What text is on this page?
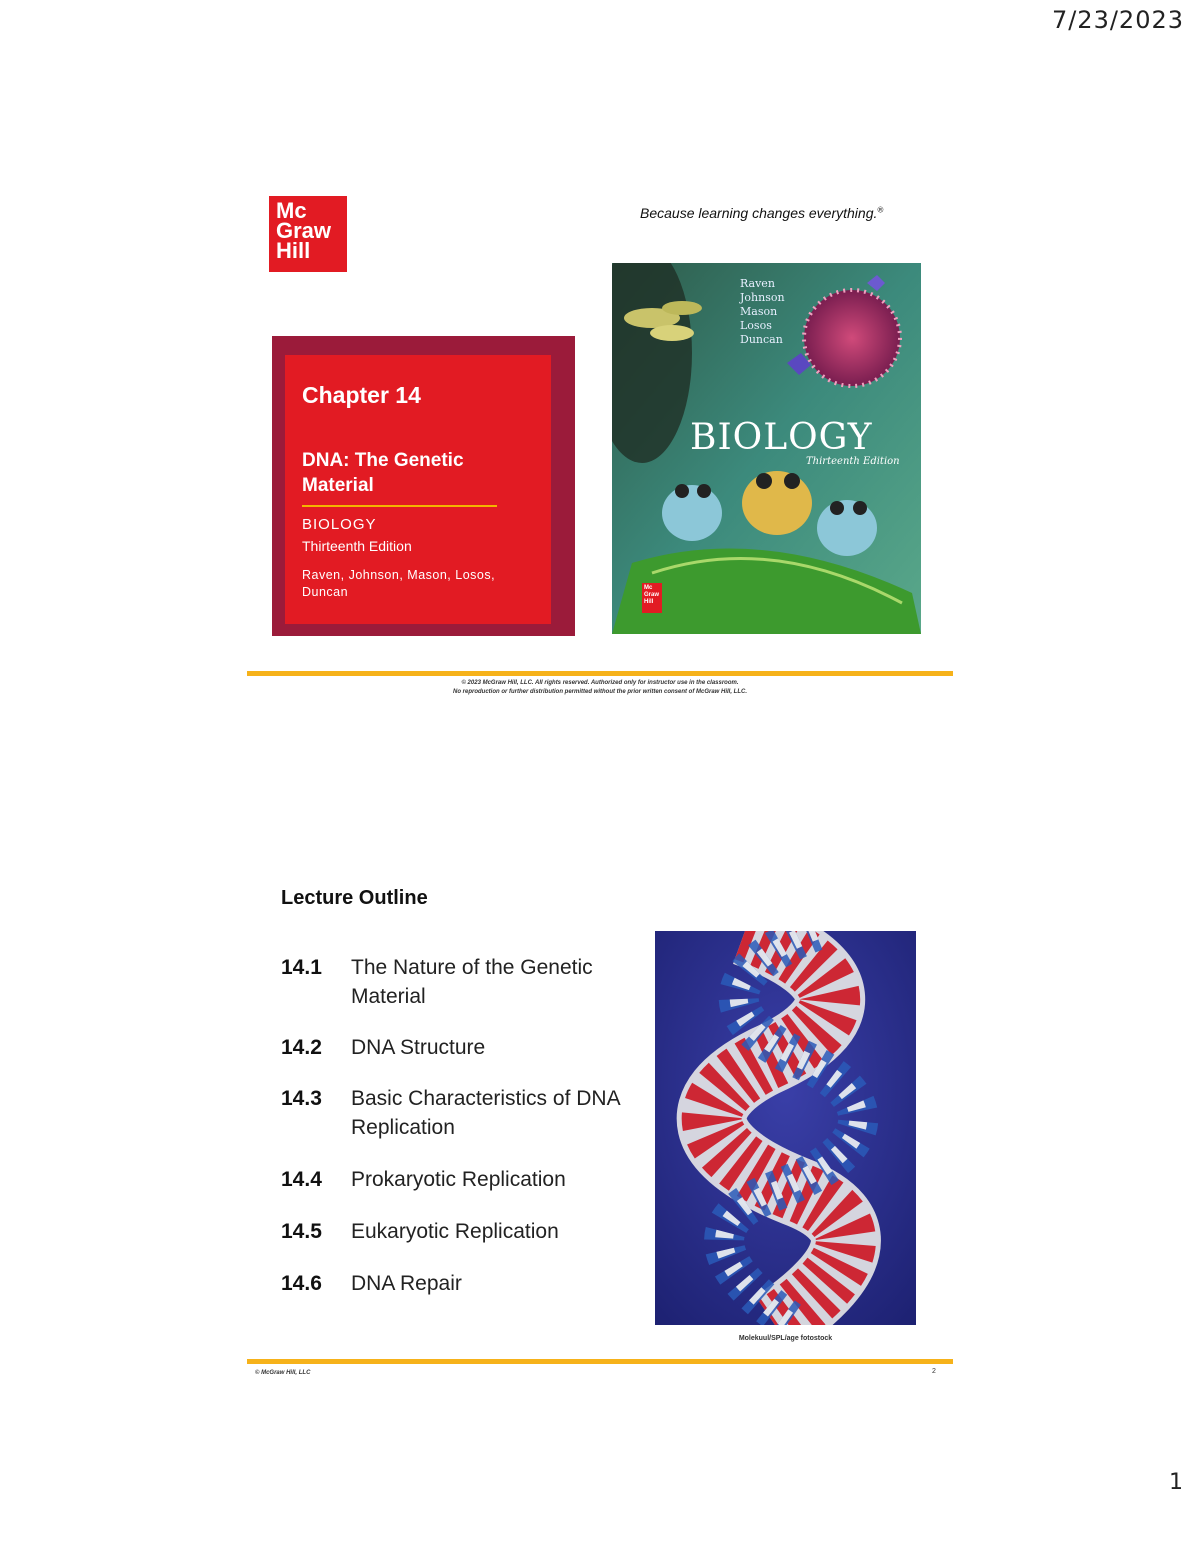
7/23/2023
Mc
Graw
Hill
Because learning changes everything.®
Chapter 14
DNA: The Genetic Material
BIOLOGY
Thirteenth Edition
Raven, Johnson, Mason, Losos, Duncan
Raven
Johnson
Mason
Losos
Duncan
BIOLOGY
Thirteenth Edition
Mc
Graw
Hill
© 2023 McGraw Hill, LLC. All rights reserved. Authorized only for instructor use in the classroom.
No reproduction or further distribution permitted without the prior written consent of McGraw Hill, LLC.
Lecture Outline
14.1 The Nature of the Genetic Material
14.2 DNA Structure
14.3 Basic Characteristics of DNA Replication
14.4 Prokaryotic Replication
14.5 Eukaryotic Replication
14.6 DNA Repair
Molekuul/SPL/age fotostock
© McGraw Hill, LLC	2
1
